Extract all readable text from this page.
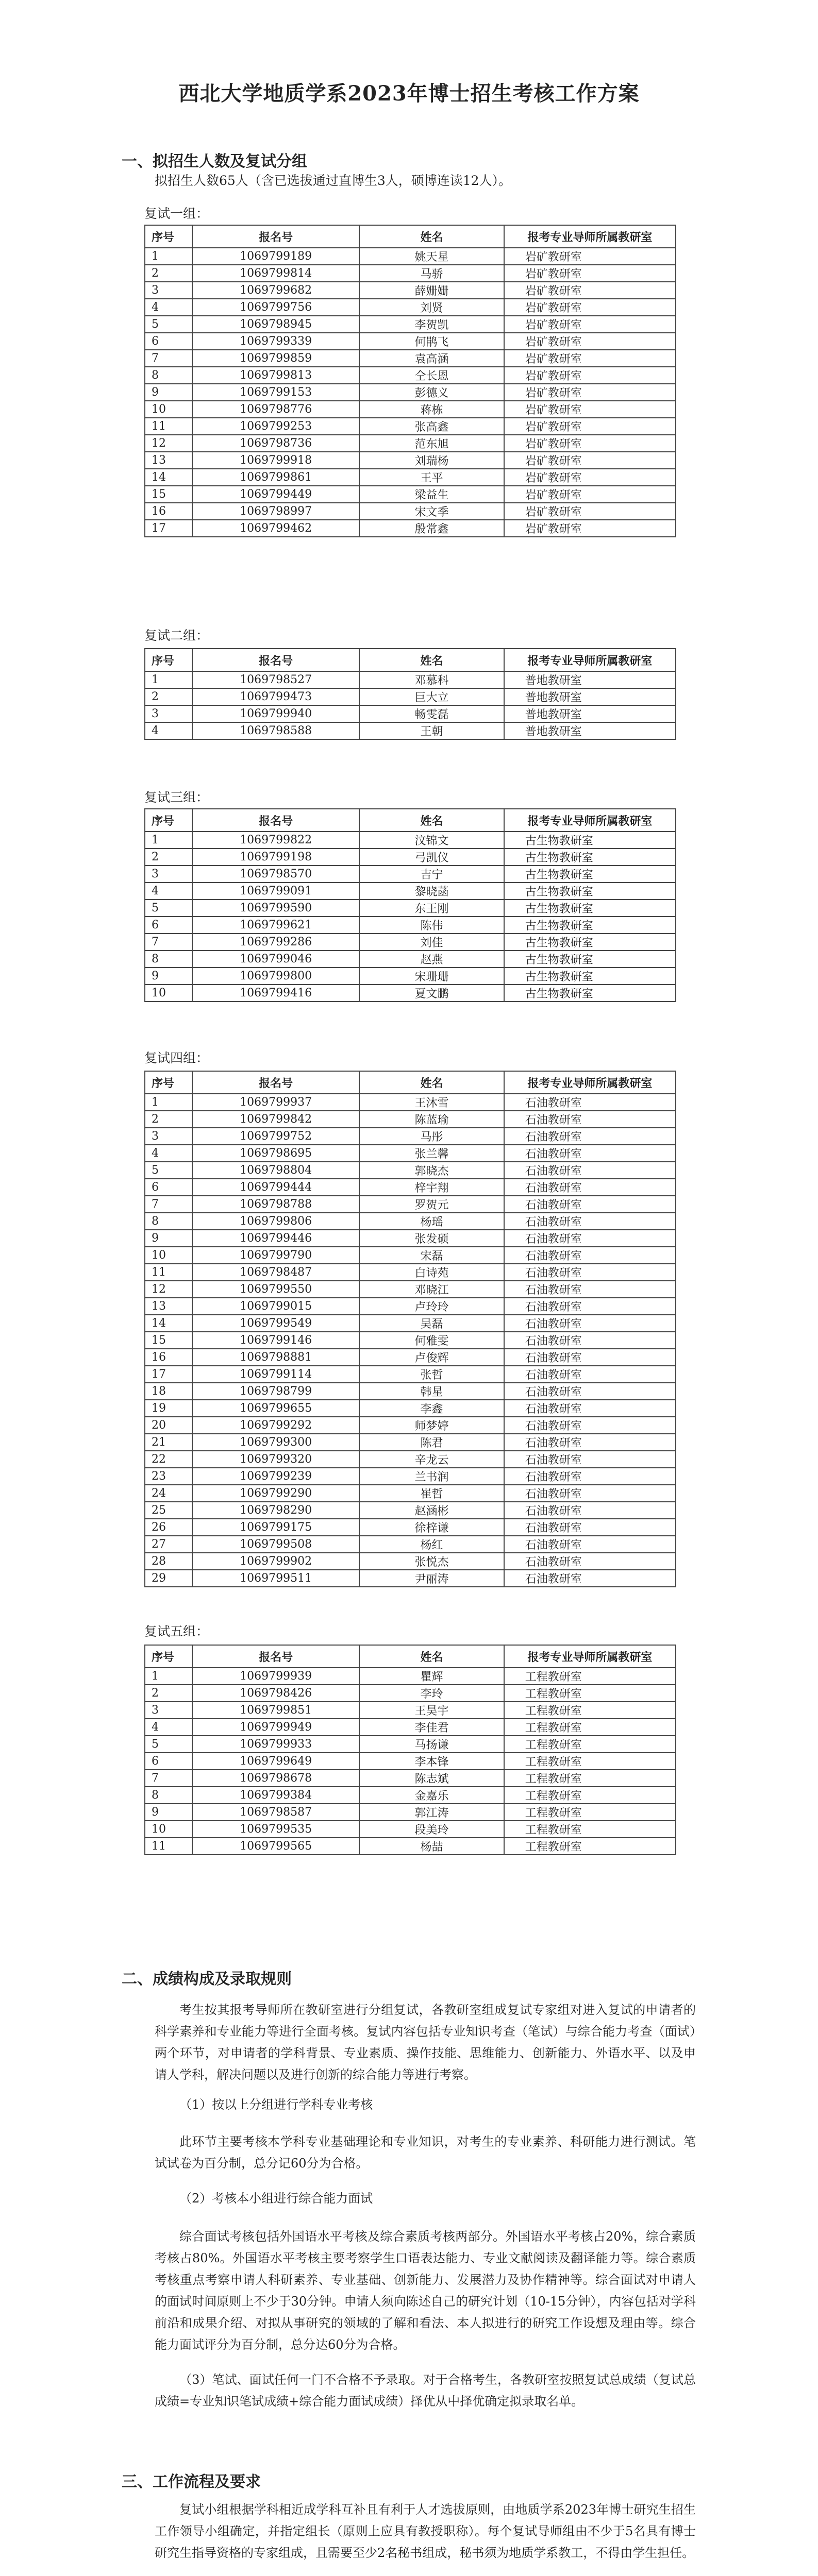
西北大学地质学系2023年博士招生考核工作方案
一、拟招生人数及复试分组
拟招生人数65人（含已选拔通过直博生3人，硕博连读12人）。
复试一组：
序号	报名号	姓名	报考专业导师所属教研室
1	1069799189	姚天星	岩矿教研室
2	1069799814	马骄	岩矿教研室
3	1069799682	薛姗姗	岩矿教研室
4	1069799756	刘贤	岩矿教研室
5	1069798945	李贺凯	岩矿教研室
6	1069799339	何鹃飞	岩矿教研室
7	1069799859	袁高涵	岩矿教研室
8	1069799813	仝长恩	岩矿教研室
9	1069799153	彭德义	岩矿教研室
10	1069798776	蒋栋	岩矿教研室
11	1069799253	张高鑫	岩矿教研室
12	1069798736	范东旭	岩矿教研室
13	1069799918	刘瑞杨	岩矿教研室
14	1069799861	王平	岩矿教研室
15	1069799449	梁益生	岩矿教研室
16	1069798997	宋文季	岩矿教研室
17	1069799462	殷常鑫	岩矿教研室
复试二组：
序号	报名号	姓名	报考专业导师所属教研室
1	1069798527	邓慕科	普地教研室
2	1069799473	巨大立	普地教研室
3	1069799940	畅雯磊	普地教研室
4	1069798588	王朝	普地教研室
复试三组：
序号	报名号	姓名	报考专业导师所属教研室
1	1069799822	汶锦文	古生物教研室
2	1069799198	弓凯仪	古生物教研室
3	1069798570	吉宁	古生物教研室
4	1069799091	黎晓菡	古生物教研室
5	1069799590	东王刚	古生物教研室
6	1069799621	陈伟	古生物教研室
7	1069799286	刘佳	古生物教研室
8	1069799046	赵燕	古生物教研室
9	1069799800	宋珊珊	古生物教研室
10	1069799416	夏文鹏	古生物教研室
复试四组：
序号	报名号	姓名	报考专业导师所属教研室
1	1069799937	王沐雪	石油教研室
2	1069799842	陈蓝瑜	石油教研室
3	1069799752	马彤	石油教研室
4	1069798695	张兰馨	石油教研室
5	1069798804	郭晓杰	石油教研室
6	1069799444	梓宇翔	石油教研室
7	1069798788	罗贺元	石油教研室
8	1069799806	杨瑶	石油教研室
9	1069799446	张发硕	石油教研室
10	1069799790	宋磊	石油教研室
11	1069798487	白诗苑	石油教研室
12	1069799550	邓晓江	石油教研室
13	1069799015	卢玲玲	石油教研室
14	1069799549	吴磊	石油教研室
15	1069799146	何雅雯	石油教研室
16	1069798881	卢俊辉	石油教研室
17	1069799114	张哲	石油教研室
18	1069798799	韩星	石油教研室
19	1069799655	李鑫	石油教研室
20	1069799292	师梦婷	石油教研室
21	1069799300	陈君	石油教研室
22	1069799320	辛龙云	石油教研室
23	1069799239	兰书润	石油教研室
24	1069799290	崔哲	石油教研室
25	1069798290	赵涵彬	石油教研室
26	1069799175	徐梓谦	石油教研室
27	1069799508	杨红	石油教研室
28	1069799902	张悦杰	石油教研室
29	1069799511	尹丽涛	石油教研室
复试五组：
序号	报名号	姓名	报考专业导师所属教研室
1	1069799939	瞿辉	工程教研室
2	1069798426	李玲	工程教研室
3	1069799851	王昊宇	工程教研室
4	1069799949	李佳君	工程教研室
5	1069799933	马扬谦	工程教研室
6	1069799649	李本锋	工程教研室
7	1069798678	陈志斌	工程教研室
8	1069799384	金嘉乐	工程教研室
9	1069798587	郭江涛	工程教研室
10	1069799535	段美玲	工程教研室
11	1069799565	杨喆	工程教研室
二、成绩构成及录取规则
考生按其报考导师所在教研室进行分组复试，各教研室组成复试专家组对进入复试的申请者的科学素养和专业能力等进行全面考核。复试内容包括专业知识考查（笔试）与综合能力考查（面试）两个环节，对申请者的学科背景、专业素质、操作技能、思维能力、创新能力、外语水平、以及申请人学科，解决问题以及进行创新的综合能力等进行考察。
（1）按以上分组进行学科专业考核
此环节主要考核本学科专业基础理论和专业知识，对考生的专业素养、科研能力进行测试。笔试试卷为百分制，总分记60分为合格。
（2）考核本小组进行综合能力面试
综合面试考核包括外国语水平考核及综合素质考核两部分。外国语水平考核占20%，综合素质考核占80%。外国语水平考核主要考察学生口语表达能力、专业文献阅读及翻译能力等。综合素质考核重点考察申请人科研素养、专业基础、创新能力、发展潜力及协作精神等。综合面试对申请人的面试时间原则上不少于30分钟。申请人须向陈述自己的研究计划（10-15分钟），内容包括对学科前沿和成果介绍、对拟从事研究的领域的了解和看法、本人拟进行的研究工作设想及理由等。综合能力面试评分为百分制，总分达60分为合格。
（3）笔试、面试任何一门不合格不予录取。对于合格考生，各教研室按照复试总成绩（复试总成绩=专业知识笔试成绩+综合能力面试成绩）择优从中择优确定拟录取名单。
三、工作流程及要求
复试小组根据学科相近成学科互补且有利于人才选拔原则，由地质学系2023年博士研究生招生工作领导小组确定，并指定组长（原则上应具有教授职称）。每个复试导师组由不少于5名具有博士研究生指导资格的专家组成，且需要至少2名秘书组成，秘书须为地质学系教工，不得由学生担任。
